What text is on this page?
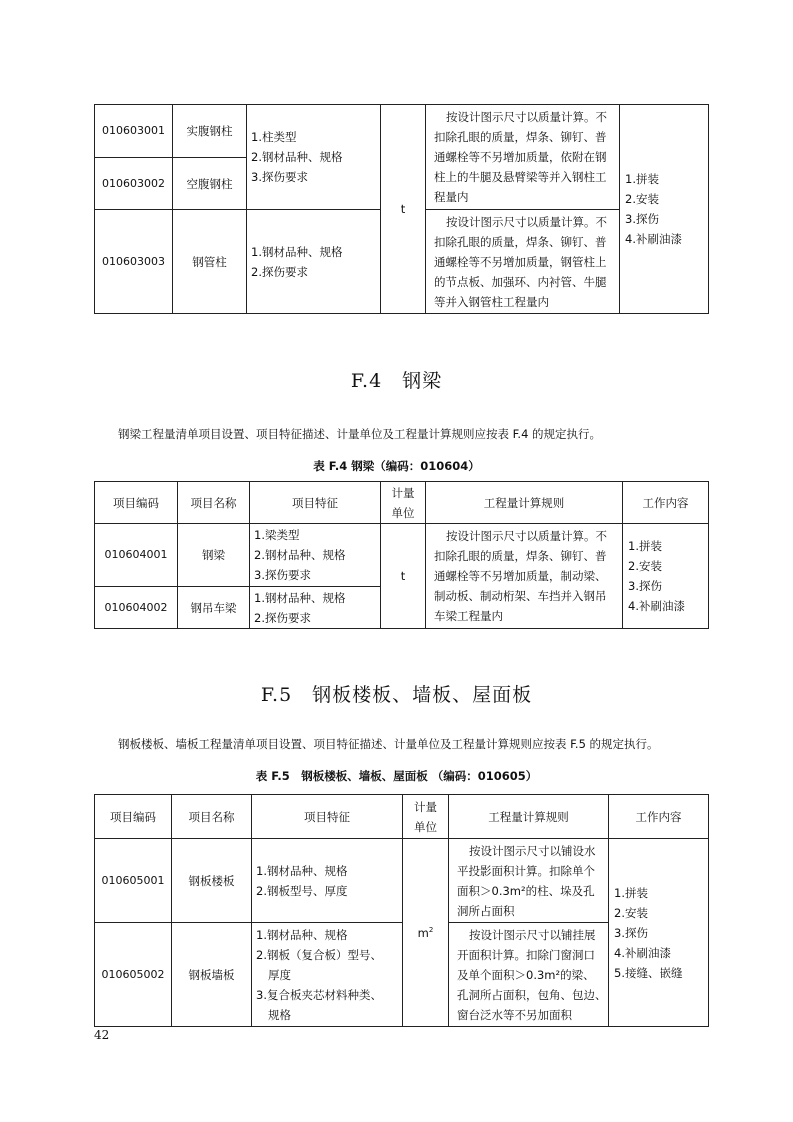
010603001	实腹钢柱	1.柱类型
2.钢材品种、规格
3.探伤要求	t	按设计图示尺寸以质量计算。不
扣除孔眼的质量，焊条、铆钉、普
通螺栓等不另增加质量，依附在钢
柱上的牛腿及悬臂梁等并入钢柱工
程量内	1.拼装
2.安装
3.探伤
4.补刷油漆

010603002	空腹钢柱				
010603003	钢管柱	1.钢材品种、规格
2.探伤要求		按设计图示尺寸以质量计算。不
扣除孔眼的质量，焊条、铆钉、普
通螺栓等不另增加质量，钢管柱上
的节点板、加强环、内衬管、牛腿
等并入钢管柱工程量内	
F.4　钢梁
钢梁工程量清单项目设置、项目特征描述、计量单位及工程量计算规则应按表 F.4 的规定执行。
表 F.4 钢梁（编码：010604）
项目编码	项目名称	项目特征	计量
单位	工程量计算规则	工作内容
010604001	钢梁	1.梁类型
2.钢材品种、规格
3.探伤要求	t	按设计图示尺寸以质量计算。不
扣除孔眼的质量，焊条、铆钉、普
通螺栓等不另增加质量，制动梁、
制动板、制动桁架、车挡并入钢吊
车梁工程量内	1.拼装
2.安装
3.探伤
4.补刷油漆

010604002	钢吊车梁	1.钢材品种、规格
2.探伤要求			
F.5　钢板楼板、墙板、屋面板
钢板楼板、墙板工程量清单项目设置、项目特征描述、计量单位及工程量计算规则应按表 F.5 的规定执行。
表 F.5　钢板楼板、墙板、屋面板 （编码：010605）
项目编码	项目名称	项目特征	计量
单位	工程量计算规则	工作内容
010605001	钢板楼板	1.钢材品种、规格
2.钢板型号、厚度	$m^2$	按设计图示尺寸以铺设水
平投影面积计算。扣除单个
面积＞0.3m²的柱、垛及孔
洞所占面积	1.拼装
2.安装
3.探伤
4.补刷油漆
5.接缝、嵌缝

010605002	钢板墙板	1.钢材品种、规格
2.钢板（复合板）型号、
厚度
3.复合板夹芯材料种类、
规格		按设计图示尺寸以铺挂展
开面积计算。扣除门窗洞口
及单个面积＞0.3m²的梁、
孔洞所占面积，包角、包边、
窗台泛水等不另加面积	
42
